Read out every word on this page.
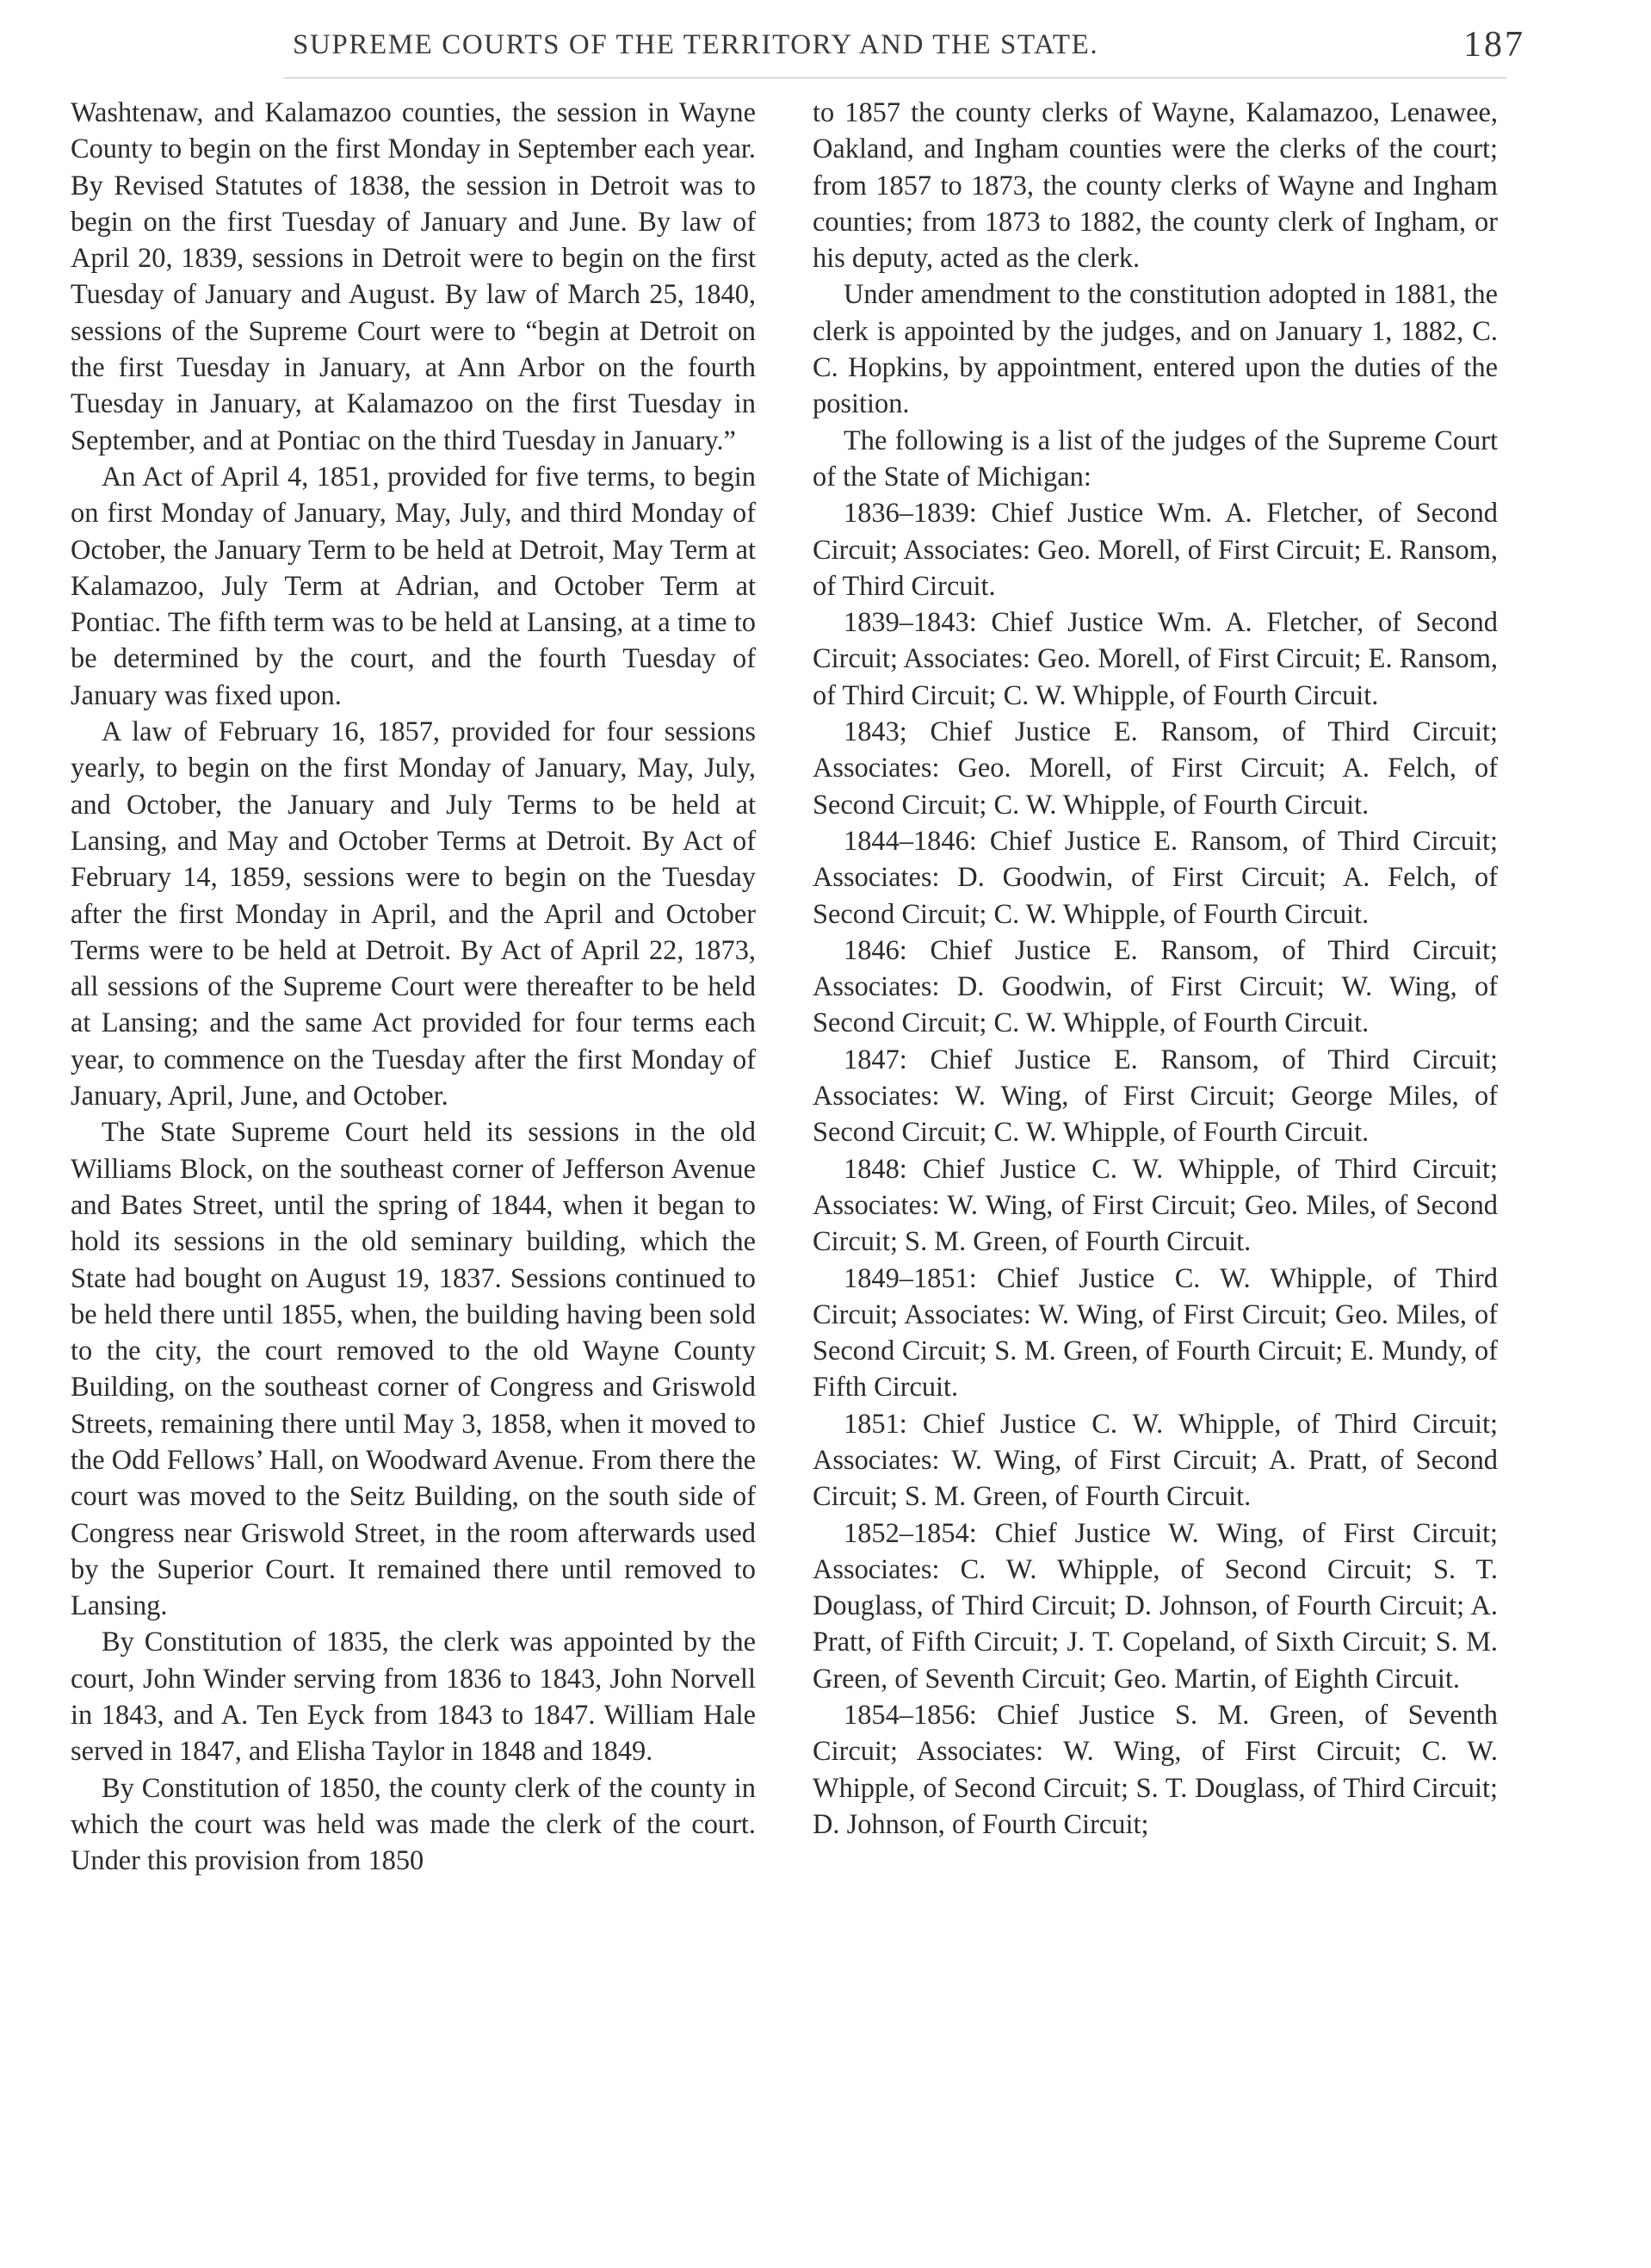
SUPREME COURTS OF THE TERRITORY AND THE STATE.	187

Washtenaw, and Kalamazoo counties, the session in Wayne County to begin on the first Monday in September each year. By Revised Statutes of 1838, the session in Detroit was to begin on the first Tuesday of January and June. By law of April 20, 1839, sessions in Detroit were to begin on the first Tuesday of January and August. By law of March 25, 1840, sessions of the Supreme Court were to “begin at Detroit on the first Tuesday in January, at Ann Arbor on the fourth Tuesday in January, at Kalamazoo on the first Tuesday in September, and at Pontiac on the third Tuesday in January.”

An Act of April 4, 1851, provided for five terms, to begin on first Monday of January, May, July, and third Monday of October, the January Term to be held at Detroit, May Term at Kalamazoo, July Term at Adrian, and October Term at Pontiac. The fifth term was to be held at Lansing, at a time to be determined by the court, and the fourth Tuesday of January was fixed upon.

A law of February 16, 1857, provided for four sessions yearly, to begin on the first Monday of January, May, July, and October, the January and July Terms to be held at Lansing, and May and October Terms at Detroit. By Act of February 14, 1859, sessions were to begin on the Tuesday after the first Monday in April, and the April and October Terms were to be held at Detroit. By Act of April 22, 1873, all sessions of the Supreme Court were thereafter to be held at Lansing; and the same Act provided for four terms each year, to commence on the Tuesday after the first Monday of January, April, June, and October.

The State Supreme Court held its sessions in the old Williams Block, on the southeast corner of Jefferson Avenue and Bates Street, until the spring of 1844, when it began to hold its sessions in the old seminary building, which the State had bought on August 19, 1837. Sessions continued to be held there until 1855, when, the building having been sold to the city, the court removed to the old Wayne County Building, on the southeast corner of Congress and Griswold Streets, remaining there until May 3, 1858, when it moved to the Odd Fellows’ Hall, on Woodward Avenue. From there the court was moved to the Seitz Building, on the south side of Congress near Griswold Street, in the room afterwards used by the Superior Court. It remained there until removed to Lansing.

By Constitution of 1835, the clerk was appointed by the court, John Winder serving from 1836 to 1843, John Norvell in 1843, and A. Ten Eyck from 1843 to 1847. William Hale served in 1847, and Elisha Taylor in 1848 and 1849.

By Constitution of 1850, the county clerk of the county in which the court was held was made the clerk of the court. Under this provision from 1850

to 1857 the county clerks of Wayne, Kalamazoo, Lenawee, Oakland, and Ingham counties were the clerks of the court; from 1857 to 1873, the county clerks of Wayne and Ingham counties; from 1873 to 1882, the county clerk of Ingham, or his deputy, acted as the clerk.

Under amendment to the constitution adopted in 1881, the clerk is appointed by the judges, and on January 1, 1882, C. C. Hopkins, by appointment, entered upon the duties of the position.

The following is a list of the judges of the Supreme Court of the State of Michigan:

1836–1839: Chief Justice Wm. A. Fletcher, of Second Circuit; Associates: Geo. Morell, of First Circuit; E. Ransom, of Third Circuit.

1839–1843: Chief Justice Wm. A. Fletcher, of Second Circuit; Associates: Geo. Morell, of First Circuit; E. Ransom, of Third Circuit; C. W. Whipple, of Fourth Circuit.

1843; Chief Justice E. Ransom, of Third Circuit; Associates: Geo. Morell, of First Circuit; A. Felch, of Second Circuit; C. W. Whipple, of Fourth Circuit.

1844–1846: Chief Justice E. Ransom, of Third Circuit; Associates: D. Goodwin, of First Circuit; A. Felch, of Second Circuit; C. W. Whipple, of Fourth Circuit.

1846: Chief Justice E. Ransom, of Third Circuit; Associates: D. Goodwin, of First Circuit; W. Wing, of Second Circuit; C. W. Whipple, of Fourth Circuit.

1847: Chief Justice E. Ransom, of Third Circuit; Associates: W. Wing, of First Circuit; George Miles, of Second Circuit; C. W. Whipple, of Fourth Circuit.

1848: Chief Justice C. W. Whipple, of Third Circuit; Associates: W. Wing, of First Circuit; Geo. Miles, of Second Circuit; S. M. Green, of Fourth Circuit.

1849–1851: Chief Justice C. W. Whipple, of Third Circuit; Associates: W. Wing, of First Circuit; Geo. Miles, of Second Circuit; S. M. Green, of Fourth Circuit; E. Mundy, of Fifth Circuit.

1851: Chief Justice C. W. Whipple, of Third Circuit; Associates: W. Wing, of First Circuit; A. Pratt, of Second Circuit; S. M. Green, of Fourth Circuit.

1852–1854: Chief Justice W. Wing, of First Circuit; Associates: C. W. Whipple, of Second Circuit; S. T. Douglass, of Third Circuit; D. Johnson, of Fourth Circuit; A. Pratt, of Fifth Circuit; J. T. Copeland, of Sixth Circuit; S. M. Green, of Seventh Circuit; Geo. Martin, of Eighth Circuit.

1854–1856: Chief Justice S. M. Green, of Seventh Circuit; Associates: W. Wing, of First Circuit; C. W. Whipple, of Second Circuit; S. T. Douglass, of Third Circuit; D. Johnson, of Fourth Circuit;
